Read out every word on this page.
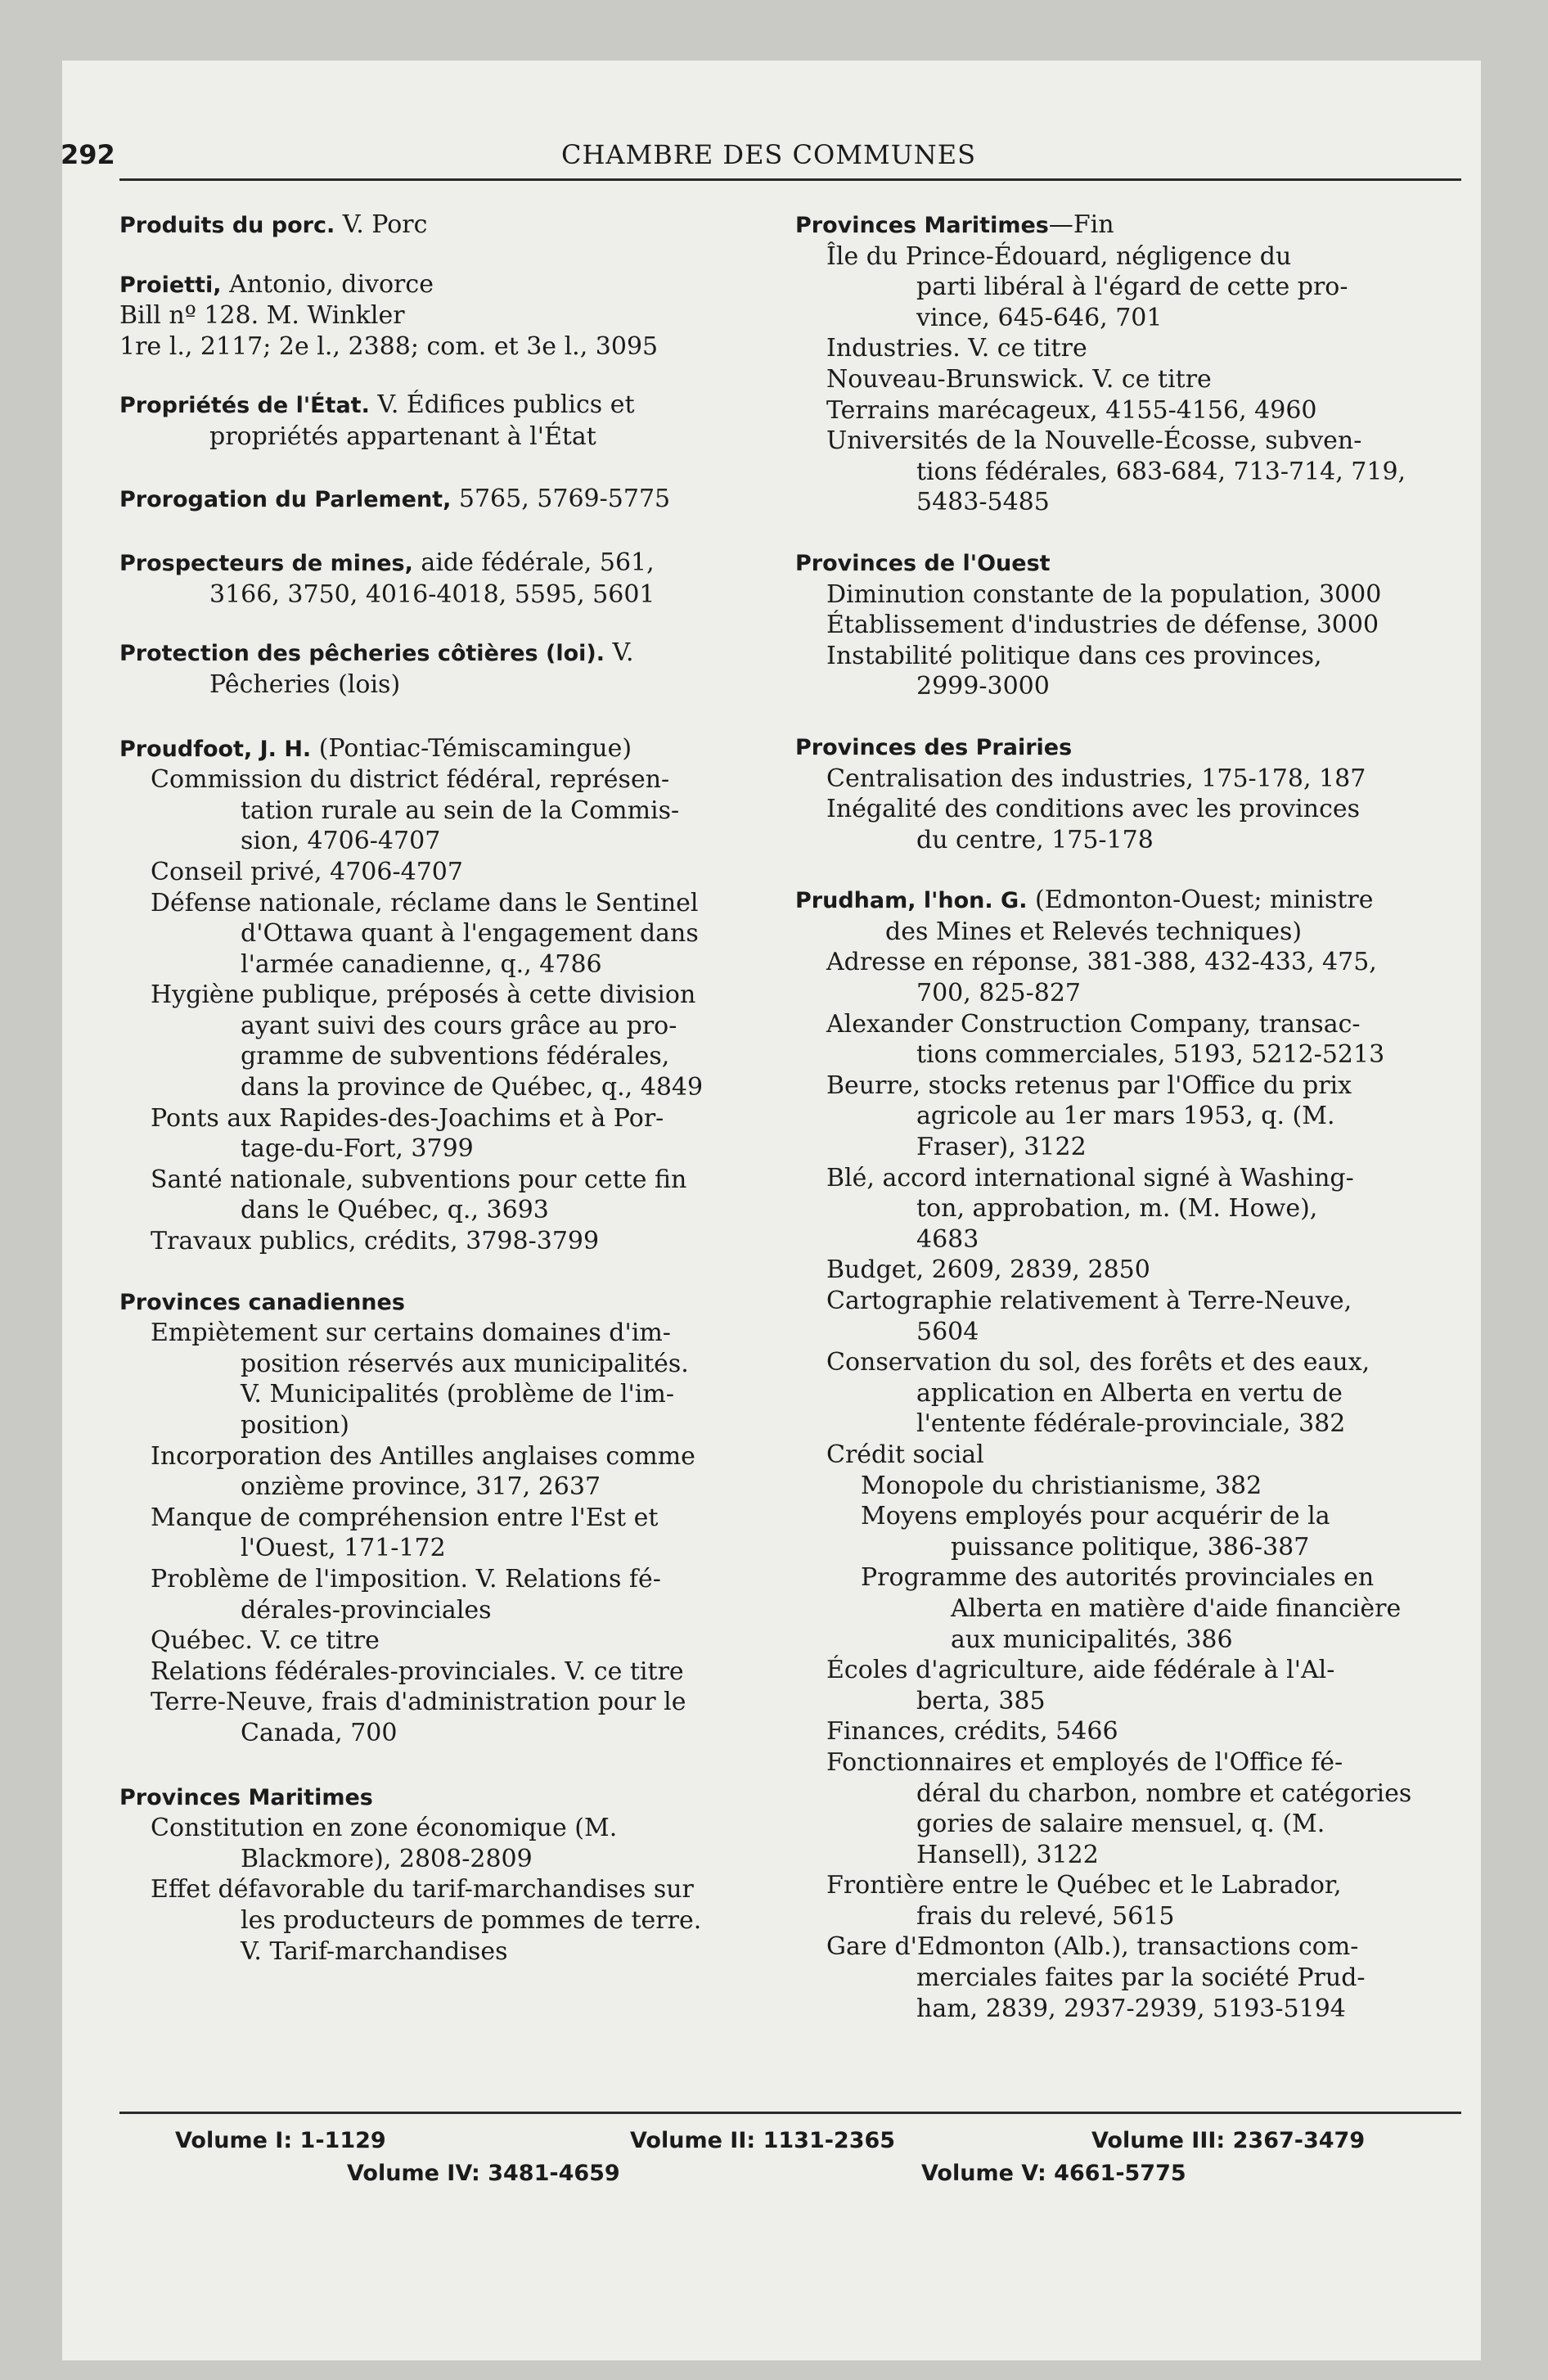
292	CHAMBRE DES COMMUNES
Produits du porc. V. Porc
Proietti, Antonio, divorce
Bill nº 128. M. Winkler
1re l., 2117; 2e l., 2388; com. et 3e l., 3095
Propriétés de l'État. V. Édifices publics et
propriétés appartenant à l'État
Prorogation du Parlement, 5765, 5769-5775
Prospecteurs de mines, aide fédérale, 561,
3166, 3750, 4016-4018, 5595, 5601
Protection des pêcheries côtières (loi). V.
Pêcheries (lois)
Proudfoot, J. H. (Pontiac-Témiscamingue)
Commission du district fédéral, représen-
tation rurale au sein de la Commis-
sion, 4706-4707
Conseil privé, 4706-4707
Défense nationale, réclame dans le Sentinel
d'Ottawa quant à l'engagement dans
l'armée canadienne, q., 4786
Hygiène publique, préposés à cette division
ayant suivi des cours grâce au pro-
gramme de subventions fédérales,
dans la province de Québec, q., 4849
Ponts aux Rapides-des-Joachims et à Por-
tage-du-Fort, 3799
Santé nationale, subventions pour cette fin
dans le Québec, q., 3693
Travaux publics, crédits, 3798-3799
Provinces canadiennes
Empiètement sur certains domaines d'im-
position réservés aux municipalités.
V. Municipalités (problème de l'im-
position)
Incorporation des Antilles anglaises comme
onzième province, 317, 2637
Manque de compréhension entre l'Est et
l'Ouest, 171-172
Problème de l'imposition. V. Relations fé-
dérales-provinciales
Québec. V. ce titre
Relations fédérales-provinciales. V. ce titre
Terre-Neuve, frais d'administration pour le
Canada, 700
Provinces Maritimes
Constitution en zone économique (M.
Blackmore), 2808-2809
Effet défavorable du tarif-marchandises sur
les producteurs de pommes de terre.
V. Tarif-marchandises
Provinces Maritimes—Fin
Île du Prince-Édouard, négligence du
parti libéral à l'égard de cette pro-
vince, 645-646, 701
Industries. V. ce titre
Nouveau-Brunswick. V. ce titre
Terrains marécageux, 4155-4156, 4960
Universités de la Nouvelle-Écosse, subven-
tions fédérales, 683-684, 713-714, 719,
5483-5485
Provinces de l'Ouest
Diminution constante de la population, 3000
Établissement d'industries de défense, 3000
Instabilité politique dans ces provinces,
2999-3000
Provinces des Prairies
Centralisation des industries, 175-178, 187
Inégalité des conditions avec les provinces
du centre, 175-178
Prudham, l'hon. G. (Edmonton-Ouest; ministre
des Mines et Relevés techniques)
Adresse en réponse, 381-388, 432-433, 475,
700, 825-827
Alexander Construction Company, transac-
tions commerciales, 5193, 5212-5213
Beurre, stocks retenus par l'Office du prix
agricole au 1er mars 1953, q. (M.
Fraser), 3122
Blé, accord international signé à Washing-
ton, approbation, m. (M. Howe),
4683
Budget, 2609, 2839, 2850
Cartographie relativement à Terre-Neuve,
5604
Conservation du sol, des forêts et des eaux,
application en Alberta en vertu de
l'entente fédérale-provinciale, 382
Crédit social
Monopole du christianisme, 382
Moyens employés pour acquérir de la
puissance politique, 386-387
Programme des autorités provinciales en
Alberta en matière d'aide financière
aux municipalités, 386
Écoles d'agriculture, aide fédérale à l'Al-
berta, 385
Finances, crédits, 5466
Fonctionnaires et employés de l'Office fé-
déral du charbon, nombre et catégories
gories de salaire mensuel, q. (M.
Hansell), 3122
Frontière entre le Québec et le Labrador,
frais du relevé, 5615
Gare d'Edmonton (Alb.), transactions com-
merciales faites par la société Prud-
ham, 2839, 2937-2939, 5193-5194
Volume I: 1-1129	Volume II: 1131-2365	Volume III: 2367-3479
Volume IV: 3481-4659	Volume V: 4661-5775
